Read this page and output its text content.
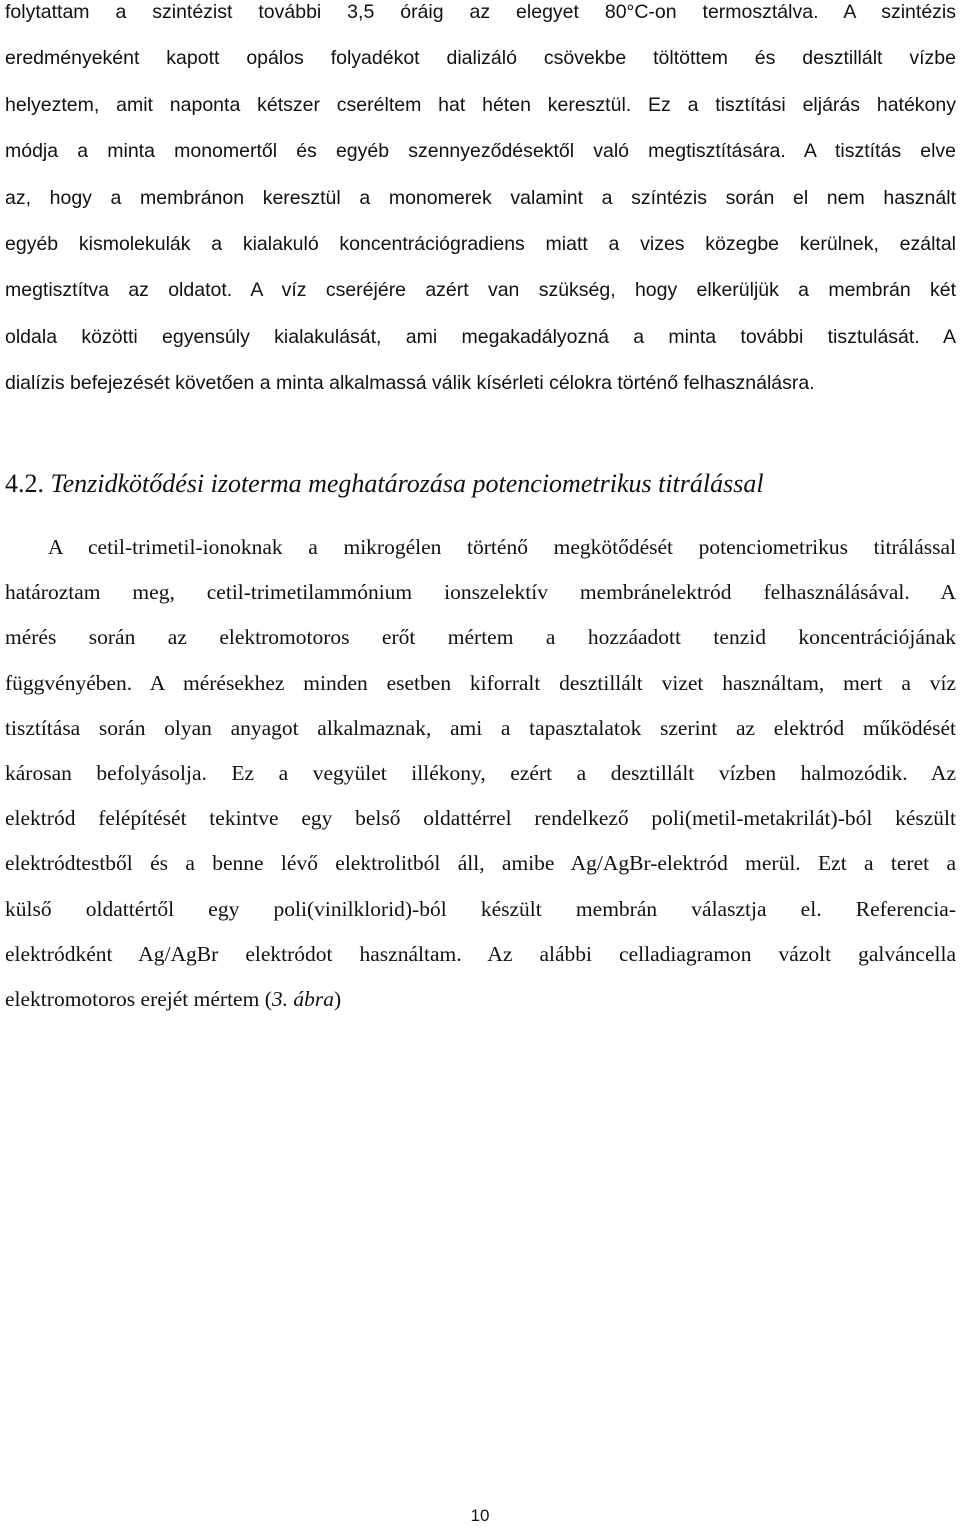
folytattam a szintézist további 3,5 óráig az elegyet 80°C-on termosztálva. A szintézis
eredményeként kapott opálos folyadékot dializáló csövekbe töltöttem és desztillált vízbe
helyeztem, amit naponta kétszer cseréltem hat héten keresztül. Ez a tisztítási eljárás hatékony
módja a minta monomertől és egyéb szennyeződésektől való megtisztítására. A tisztítás elve
az, hogy a membránon keresztül a monomerek valamint a színtézis során el nem használt
egyéb kismolekulák a kialakuló koncentrációgradiens miatt a vizes közegbe kerülnek, ezáltal
megtisztítva az oldatot. A víz cseréjére azért van szükség, hogy elkerüljük a membrán két
oldala közötti egyensúly kialakulását, ami megakadályozná a minta további tisztulását. A
dialízis befejezését követően a minta alkalmassá válik kísérleti célokra történő felhasználásra.
4.2. Tenzidkötődési izoterma meghatározása potenciometrikus titrálással
A cetil-trimetil-ionoknak a mikrogélen történő megkötődését potenciometrikus titrálással
határoztam meg, cetil-trimetilammónium ionszelektív membránelektród felhasználásával. A
mérés során az elektromotoros erőt mértem a hozzáadott tenzid koncentrációjának
függvényében. A mérésekhez minden esetben kiforralt desztillált vizet használtam, mert a víz
tisztítása során olyan anyagot alkalmaznak, ami a tapasztalatok szerint az elektród működését
károsan befolyásolja. Ez a vegyület illékony, ezért a desztillált vízben halmozódik. Az
elektród felépítését tekintve egy belső oldattérrel rendelkező poli(metil-metakrilát)-ból készült
elektródtestből és a benne lévő elektrolitból áll, amibe Ag/AgBr-elektród merül. Ezt a teret a
külső oldattértől egy poli(vinilklorid)-ból készült membrán választja el. Referencia-
elektródként Ag/AgBr elektródot használtam. Az alábbi celladiagramon vázolt galváncella
elektromotoros erejét mértem (3. ábra)
10
